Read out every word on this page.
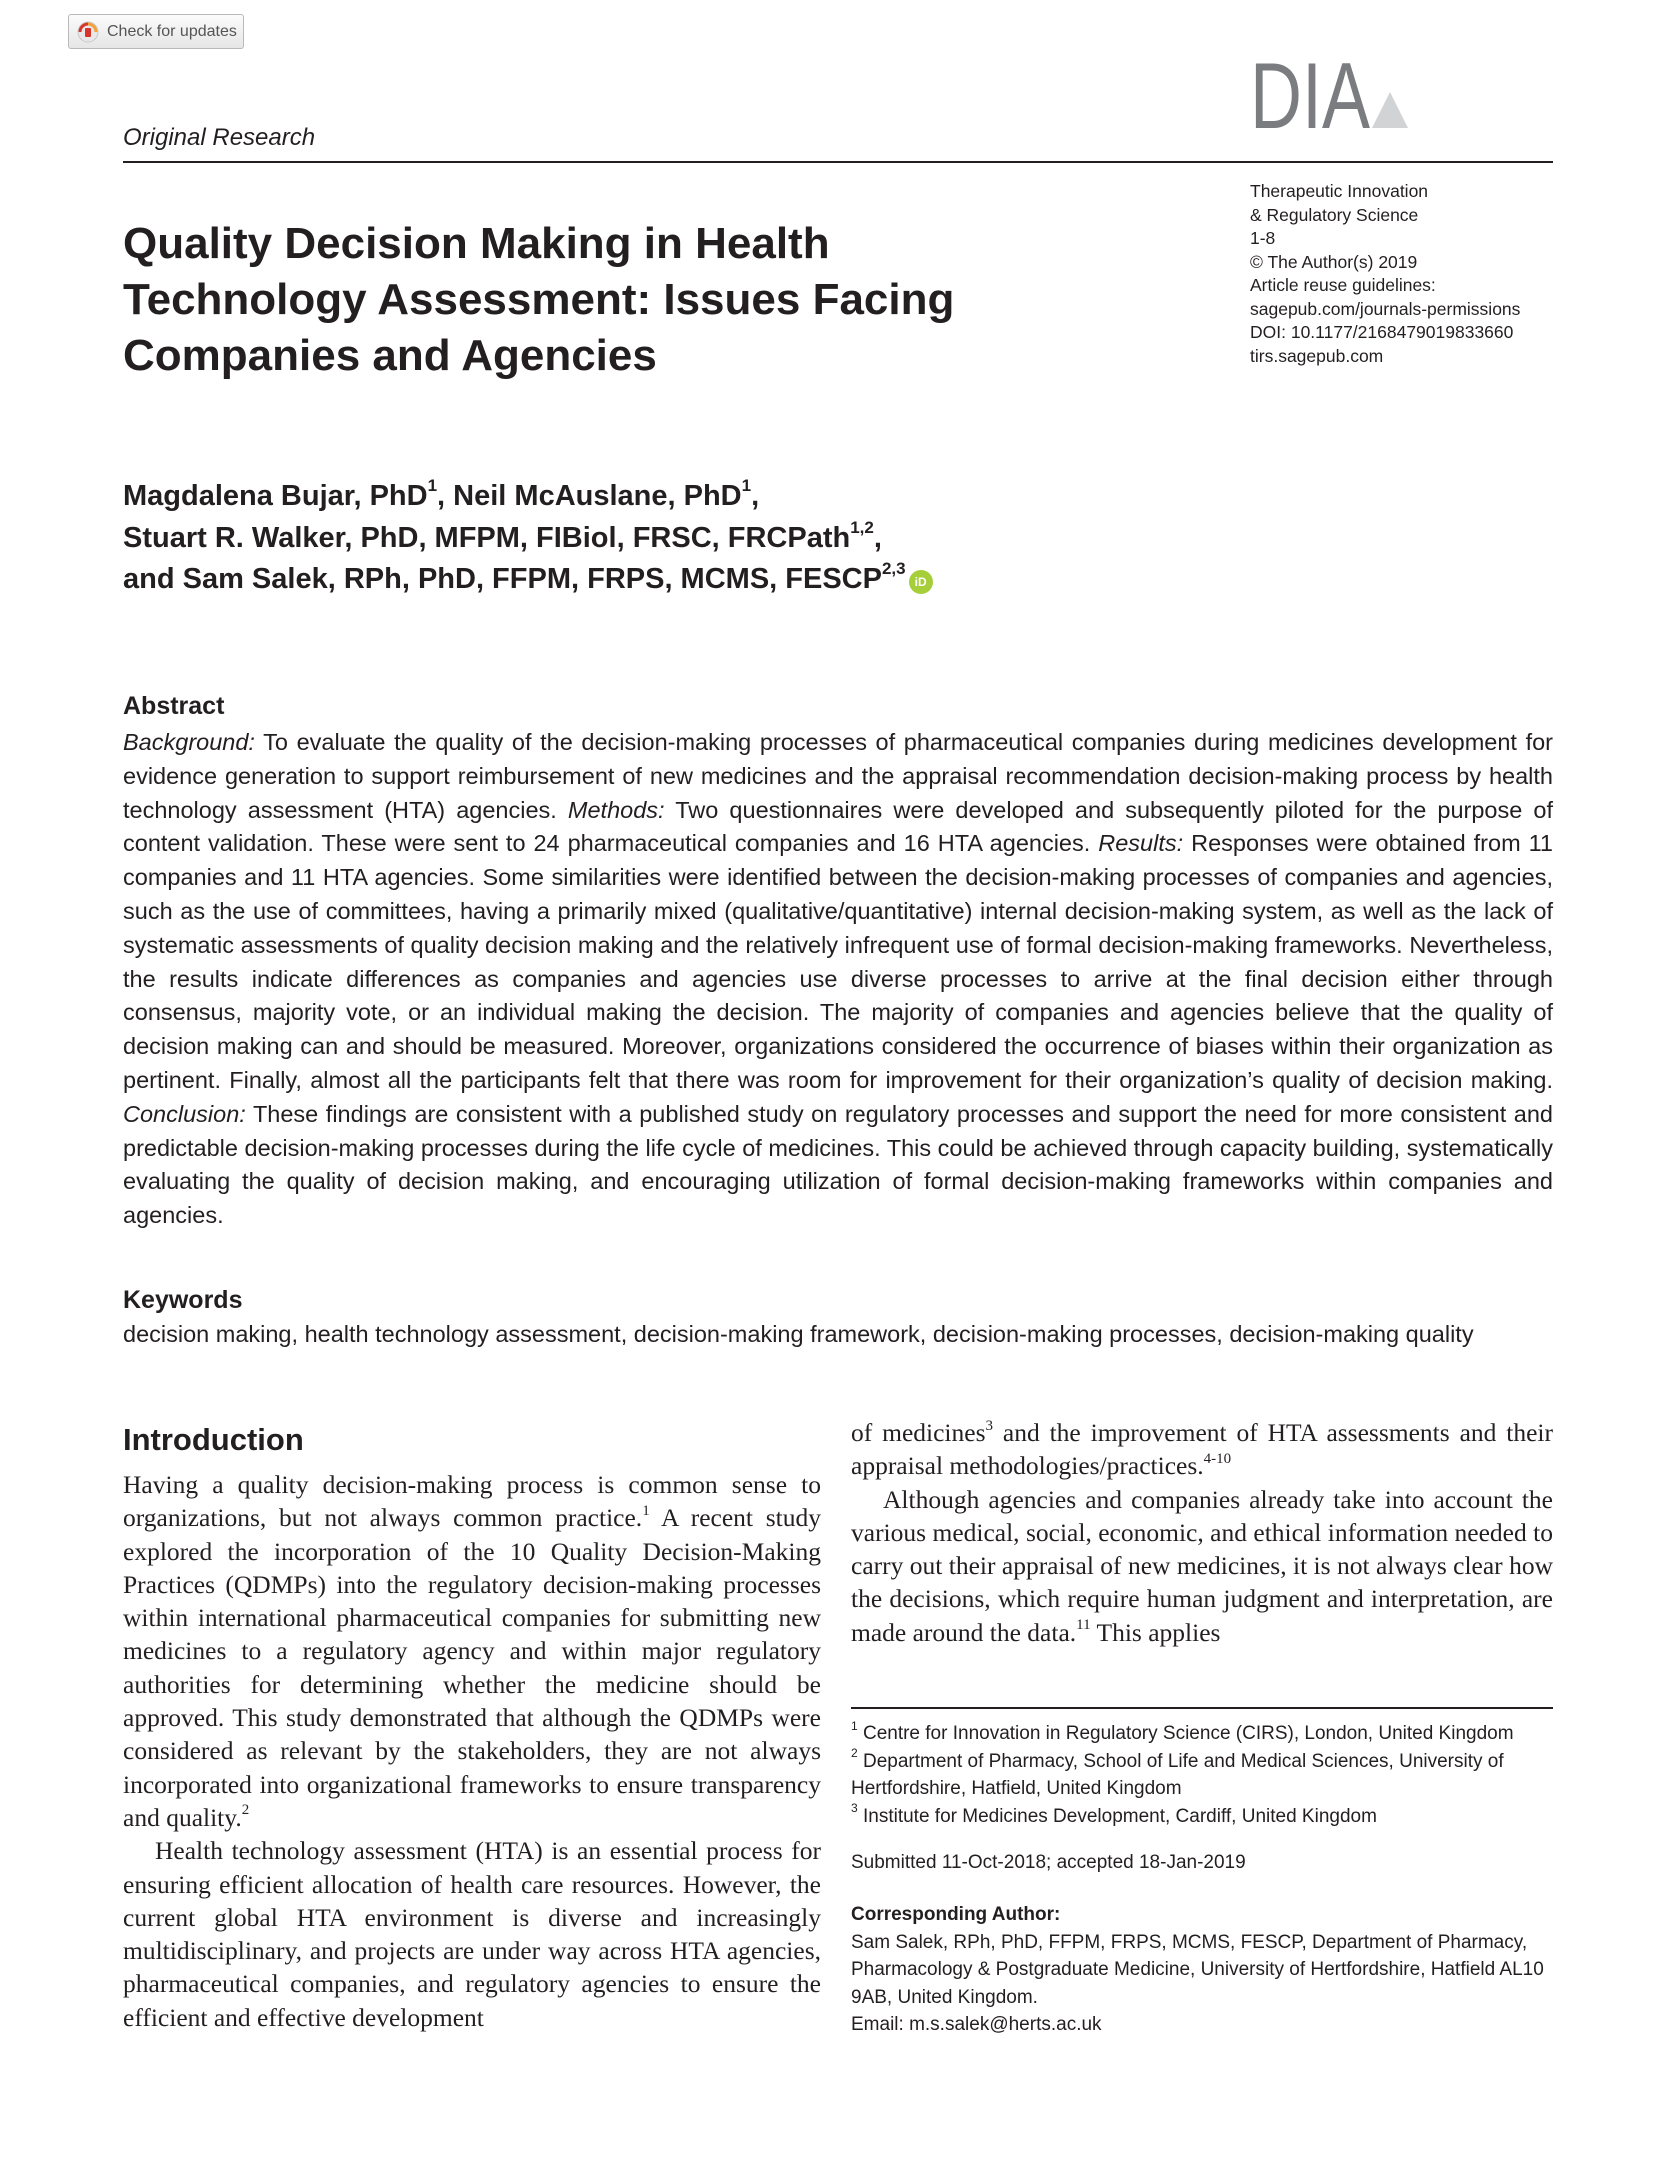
Check for updates
DIA
Original Research
Therapeutic Innovation
& Regulatory Science
1-8
© The Author(s) 2019
Article reuse guidelines:
sagepub.com/journals-permissions
DOI: 10.1177/2168479019833660
tirs.sagepub.com
Quality Decision Making in Health
Technology Assessment: Issues Facing
Companies and Agencies
Magdalena Bujar, PhD$^1$, Neil McAuslane, PhD$^1$,
Stuart R. Walker, PhD, MFPM, FIBiol, FRSC, FRCPath$^{1,2}$,
and Sam Salek, RPh, PhD, FFPM, FRPS, MCMS, FESCP$^{2,3}$iD
Abstract
Background: To evaluate the quality of the decision-making processes of pharmaceutical companies during medicines development for evidence generation to support reimbursement of new medicines and the appraisal recommendation decision-making process by health technology assessment (HTA) agencies. Methods: Two questionnaires were developed and subsequently piloted for the purpose of content validation. These were sent to 24 pharmaceutical companies and 16 HTA agencies. Results: Responses were obtained from 11 companies and 11 HTA agencies. Some similarities were identified between the decision-making processes of companies and agencies, such as the use of committees, having a primarily mixed (qualitative/quantitative) internal decision-making system, as well as the lack of systematic assessments of quality decision making and the relatively infrequent use of formal decision-making frameworks. Nevertheless, the results indicate differences as companies and agencies use diverse processes to arrive at the final decision either through consensus, majority vote, or an individual making the decision. The majority of companies and agencies believe that the quality of decision making can and should be measured. Moreover, organizations considered the occurrence of biases within their organization as pertinent. Finally, almost all the participants felt that there was room for improvement for their organization’s quality of decision making. Conclusion: These findings are consistent with a published study on regulatory processes and support the need for more consistent and predictable decision-making processes during the life cycle of medicines. This could be achieved through capacity building, systematically evaluating the quality of decision making, and encouraging utilization of formal decision-making frameworks within companies and agencies.
Keywords
decision making, health technology assessment, decision-making framework, decision-making processes, decision-making quality
Introduction

Having a quality decision-making process is common sense to organizations, but not always common practice.$^1$ A recent study explored the incorporation of the 10 Quality Decision-Making Practices (QDMPs) into the regulatory decision-making processes within international pharmaceutical companies for submitting new medicines to a regulatory agency and within major regulatory authorities for determining whether the medicine should be approved. This study demonstrated that although the QDMPs were considered as relevant by the stakeholders, they are not always incorporated into organizational frameworks to ensure transparency and quality.$^2$

Health technology assessment (HTA) is an essential process for ensuring efficient allocation of health care resources. However, the current global HTA environment is diverse and increasingly multidisciplinary, and projects are under way across HTA agencies, pharmaceutical companies, and regulatory agencies to ensure the efficient and effective development

of medicines$^3$ and the improvement of HTA assessments and their appraisal methodologies/practices.$^{4-10}$

Although agencies and companies already take into account the various medical, social, economic, and ethical information needed to carry out their appraisal of new medicines, it is not always clear how the decisions, which require human judgment and interpretation, are made around the data.$^{11}$ This applies

$^1$ Centre for Innovation in Regulatory Science (CIRS), London, United Kingdom
$^2$ Department of Pharmacy, School of Life and Medical Sciences, University of Hertfordshire, Hatfield, United Kingdom
$^3$ Institute for Medicines Development, Cardiff, United Kingdom
Submitted 11-Oct-2018; accepted 18-Jan-2019
Corresponding Author:
Sam Salek, RPh, PhD, FFPM, FRPS, MCMS, FESCP, Department of Pharmacy, Pharmacology & Postgraduate Medicine, University of Hertfordshire, Hatfield AL10 9AB, United Kingdom.
Email: m.s.salek@herts.ac.uk
